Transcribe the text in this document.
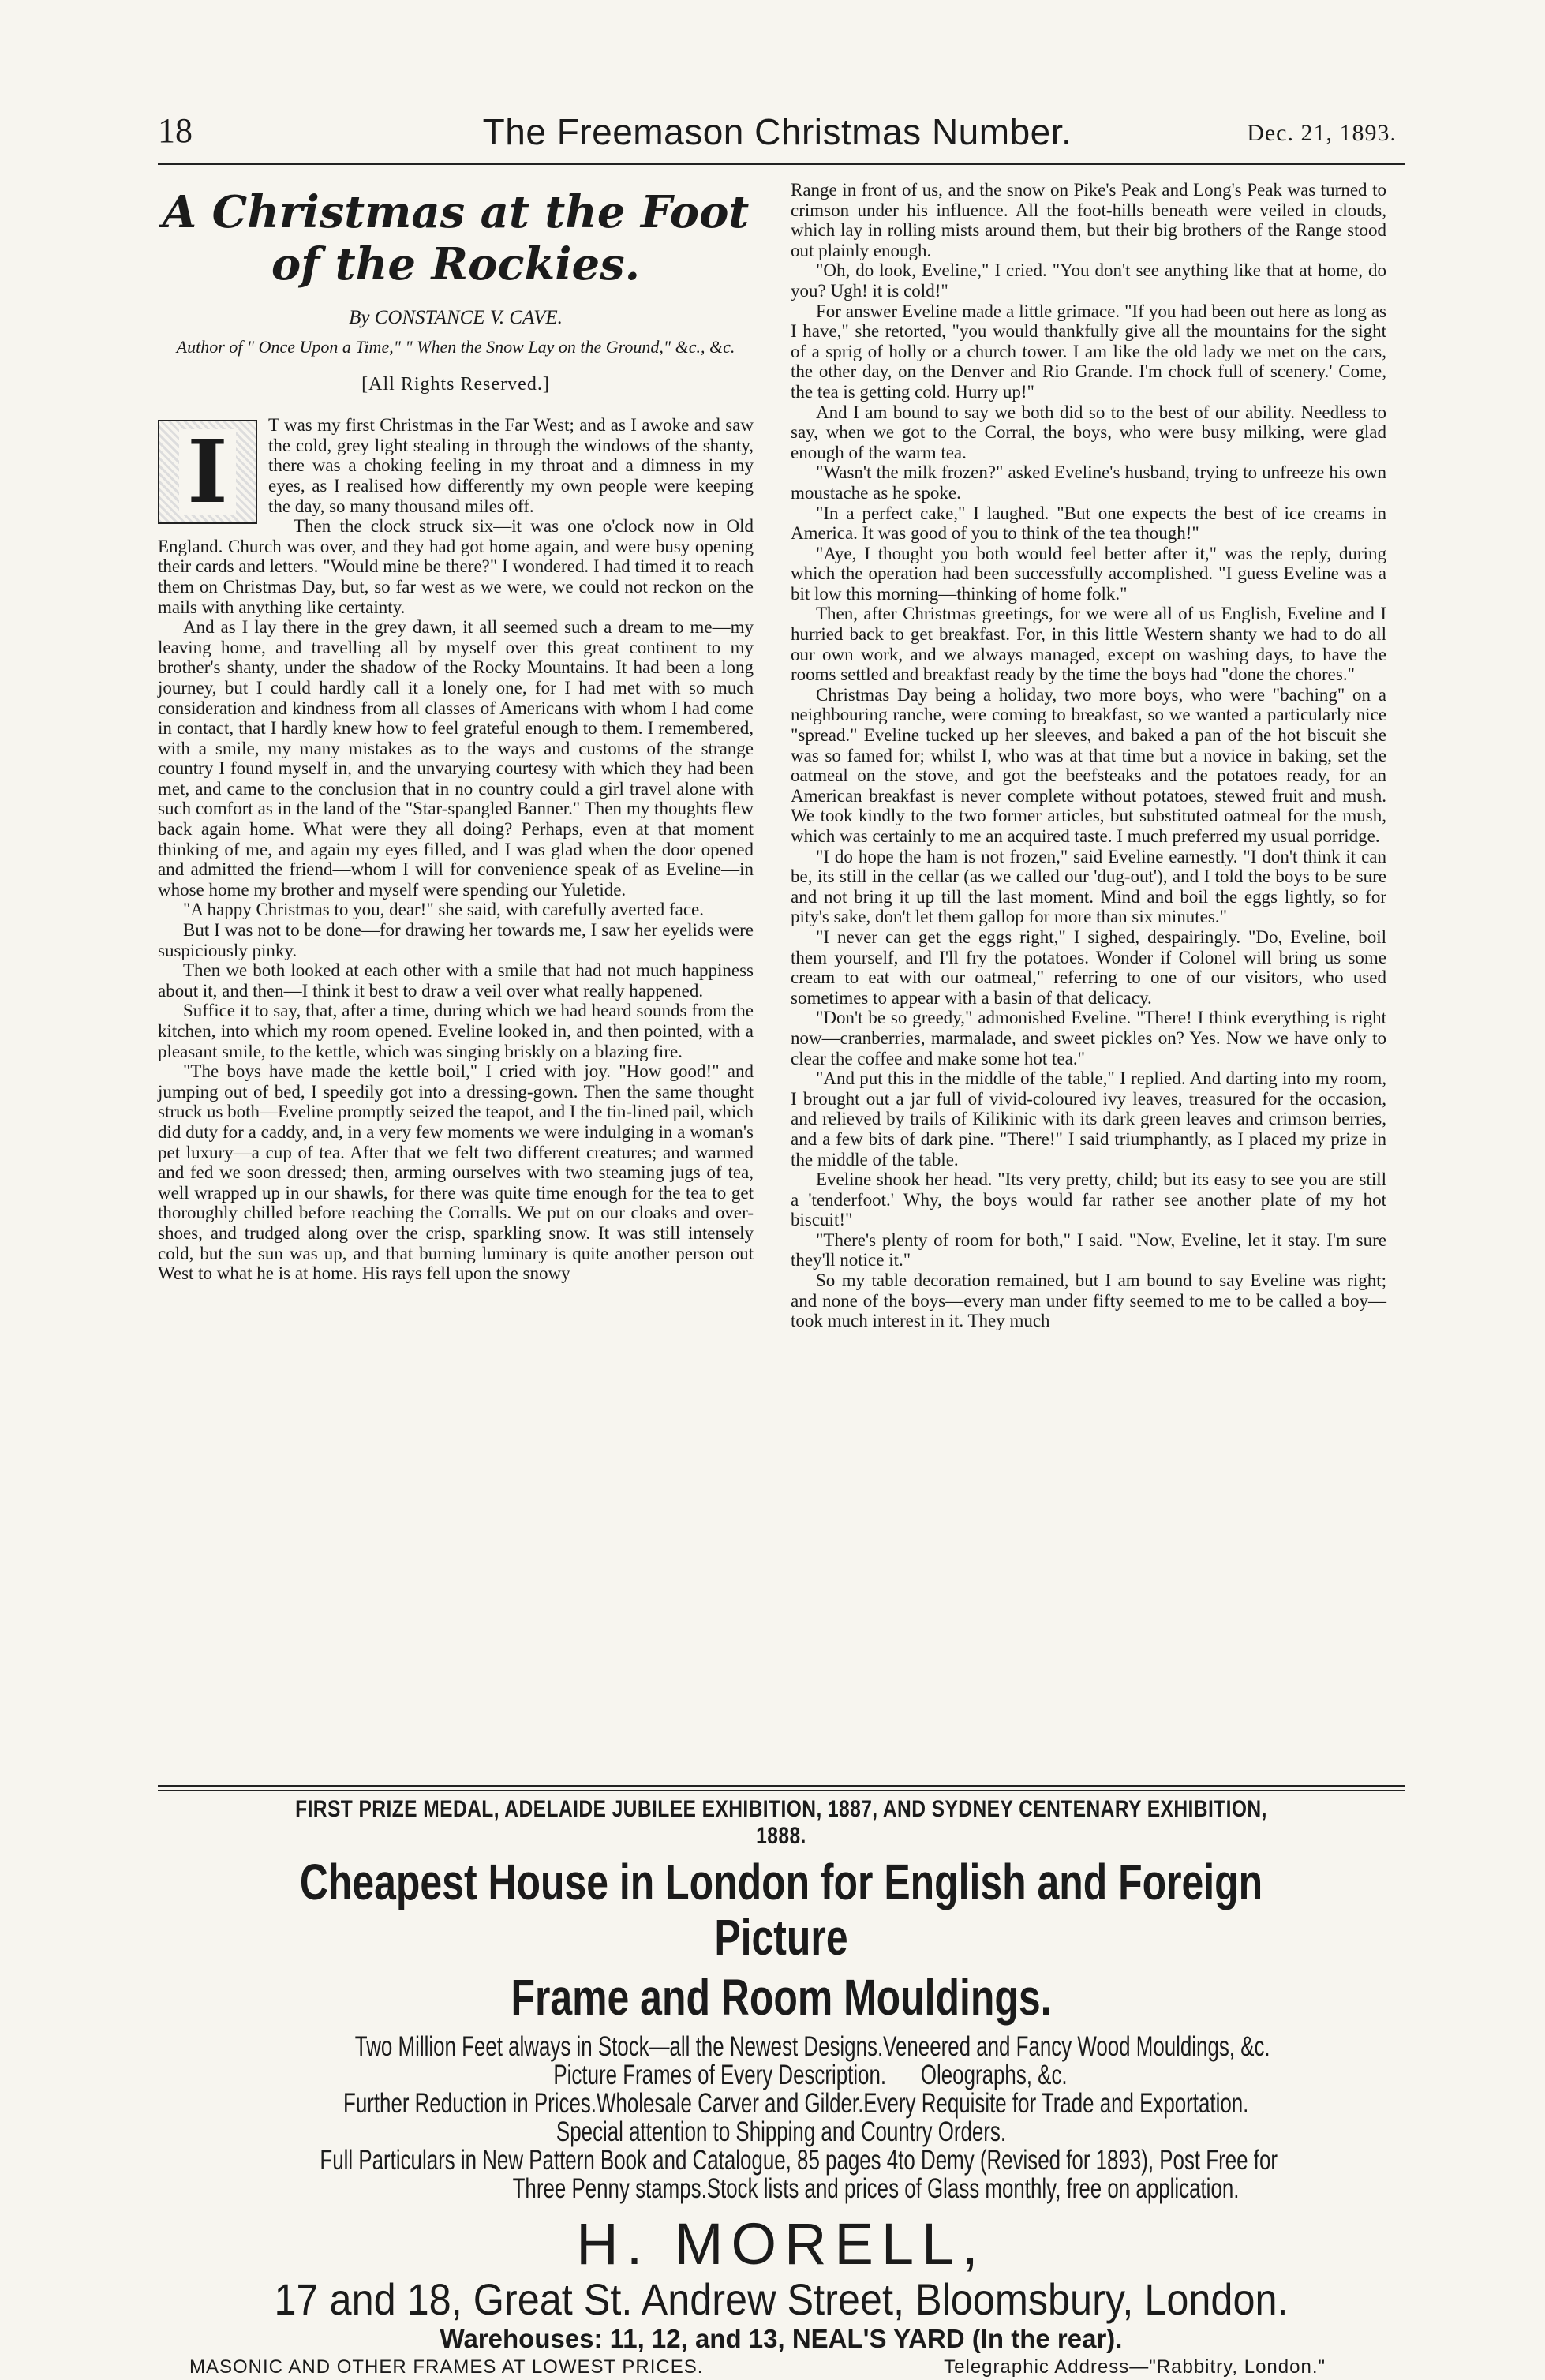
18	The Freemason Christmas Number.	Dec. 21, 1893.
A Christmas at the Foot of the Rockies.
By CONSTANCE V. CAVE.
Author of " Once Upon a Time," " When the Snow Lay on the Ground," &c., &c.
[All Rights Reserved.]
I	T was my first Christmas in the Far West; and as I awoke and saw the cold, grey light stealing in through the windows of the shanty, there was a choking feeling in my throat and a dimness in my eyes, as I realised how differently my own people were keeping the day, so many thousand miles off.

Then the clock struck six—it was one o'clock now in Old England. Church was over, and they had got home again, and were busy opening their cards and letters. "Would mine be there?" I wondered. I had timed it to reach them on Christmas Day, but, so far west as we were, we could not reckon on the mails with anything like certainty.

And as I lay there in the grey dawn, it all seemed such a dream to me—my leaving home, and travelling all by myself over this great continent to my brother's shanty, under the shadow of the Rocky Mountains. It had been a long journey, but I could hardly call it a lonely one, for I had met with so much consideration and kindness from all classes of Americans with whom I had come in contact, that I hardly knew how to feel grateful enough to them. I remembered, with a smile, my many mistakes as to the ways and customs of the strange country I found myself in, and the unvarying courtesy with which they had been met, and came to the conclusion that in no country could a girl travel alone with such comfort as in the land of the "Star-spangled Banner." Then my thoughts flew back again home. What were they all doing? Perhaps, even at that moment thinking of me, and again my eyes filled, and I was glad when the door opened and admitted the friend—whom I will for convenience speak of as Eveline—in whose home my brother and myself were spending our Yuletide.

"A happy Christmas to you, dear!" she said, with carefully averted face.

But I was not to be done—for drawing her towards me, I saw her eyelids were suspiciously pinky.

Then we both looked at each other with a smile that had not much happiness about it, and then—I think it best to draw a veil over what really happened.

Suffice it to say, that, after a time, during which we had heard sounds from the kitchen, into which my room opened. Eveline looked in, and then pointed, with a pleasant smile, to the kettle, which was singing briskly on a blazing fire.

"The boys have made the kettle boil," I cried with joy. "How good!" and jumping out of bed, I speedily got into a dressing-gown. Then the same thought struck us both—Eveline promptly seized the teapot, and I the tin-lined pail, which did duty for a caddy, and, in a very few moments we were indulging in a woman's pet luxury—a cup of tea. After that we felt two different creatures; and warmed and fed we soon dressed; then, arming ourselves with two steaming jugs of tea, well wrapped up in our shawls, for there was quite time enough for the tea to get thoroughly chilled before reaching the Corralls. We put on our cloaks and over-shoes, and trudged along over the crisp, sparkling snow. It was still intensely cold, but the sun was up, and that burning luminary is quite another person out West to what he is at home. His rays fell upon the snowy

Range in front of us, and the snow on Pike's Peak and Long's Peak was turned to crimson under his influence. All the foot-hills beneath were veiled in clouds, which lay in rolling mists around them, but their big brothers of the Range stood out plainly enough.

"Oh, do look, Eveline," I cried. "You don't see anything like that at home, do you? Ugh! it is cold!"

For answer Eveline made a little grimace. "If you had been out here as long as I have," she retorted, "you would thankfully give all the mountains for the sight of a sprig of holly or a church tower. I am like the old lady we met on the cars, the other day, on the Denver and Rio Grande. I'm chock full of scenery.' Come, the tea is getting cold. Hurry up!"

And I am bound to say we both did so to the best of our ability. Needless to say, when we got to the Corral, the boys, who were busy milking, were glad enough of the warm tea.

"Wasn't the milk frozen?" asked Eveline's husband, trying to unfreeze his own moustache as he spoke.

"In a perfect cake," I laughed. "But one expects the best of ice creams in America. It was good of you to think of the tea though!"

"Aye, I thought you both would feel better after it," was the reply, during which the operation had been successfully accomplished. "I guess Eveline was a bit low this morning—thinking of home folk."

Then, after Christmas greetings, for we were all of us English, Eveline and I hurried back to get breakfast. For, in this little Western shanty we had to do all our own work, and we always managed, except on washing days, to have the rooms settled and breakfast ready by the time the boys had "done the chores."

Christmas Day being a holiday, two more boys, who were "baching" on a neighbouring ranche, were coming to breakfast, so we wanted a particularly nice "spread." Eveline tucked up her sleeves, and baked a pan of the hot biscuit she was so famed for; whilst I, who was at that time but a novice in baking, set the oatmeal on the stove, and got the beefsteaks and the potatoes ready, for an American breakfast is never complete without potatoes, stewed fruit and mush. We took kindly to the two former articles, but substituted oatmeal for the mush, which was certainly to me an acquired taste. I much preferred my usual porridge.

"I do hope the ham is not frozen," said Eveline earnestly. "I don't think it can be, its still in the cellar (as we called our 'dug-out'), and I told the boys to be sure and not bring it up till the last moment. Mind and boil the eggs lightly, so for pity's sake, don't let them gallop for more than six minutes."

"I never can get the eggs right," I sighed, despairingly. "Do, Eveline, boil them yourself, and I'll fry the potatoes. Wonder if Colonel will bring us some cream to eat with our oatmeal," referring to one of our visitors, who used sometimes to appear with a basin of that delicacy.

"Don't be so greedy," admonished Eveline. "There! I think everything is right now—cranberries, marmalade, and sweet pickles on? Yes. Now we have only to clear the coffee and make some hot tea."

"And put this in the middle of the table," I replied. And darting into my room, I brought out a jar full of vivid-coloured ivy leaves, treasured for the occasion, and relieved by trails of Kilikinic with its dark green leaves and crimson berries, and a few bits of dark pine. "There!" I said triumphantly, as I placed my prize in the middle of the table.

Eveline shook her head. "Its very pretty, child; but its easy to see you are still a 'tenderfoot.' Why, the boys would far rather see another plate of my hot biscuit!"

"There's plenty of room for both," I said. "Now, Eveline, let it stay. I'm sure they'll notice it."

So my table decoration remained, but I am bound to say Eveline was right; and none of the boys—every man under fifty seemed to me to be called a boy—took much interest in it. They much

FIRST PRIZE MEDAL, ADELAIDE JUBILEE EXHIBITION, 1887, AND SYDNEY CENTENARY EXHIBITION, 1888.
Cheapest House in London for English and Foreign Picture
Frame and Room Mouldings.
Two Million Feet always in Stock—all the Newest Designs. Veneered and Fancy Wood Mouldings, &c.
Picture Frames of Every Description. Oleographs, &c.
Further Reduction in Prices. Wholesale Carver and Gilder. Every Requisite for Trade and Exportation.
Special attention to Shipping and Country Orders.
Full Particulars in New Pattern Book and Catalogue, 85 pages 4to Demy (Revised for 1893), Post Free for
Three Penny stamps. Stock lists and prices of Glass monthly, free on application.
H. MORELL,
17 and 18, Great St. Andrew Street, Bloomsbury, London.
Warehouses: 11, 12, and 13, NEAL'S YARD (In the rear).
MASONIC AND OTHER FRAMES AT LOWEST PRICES.	Telegraphic Address—"Rabbitry, London."
